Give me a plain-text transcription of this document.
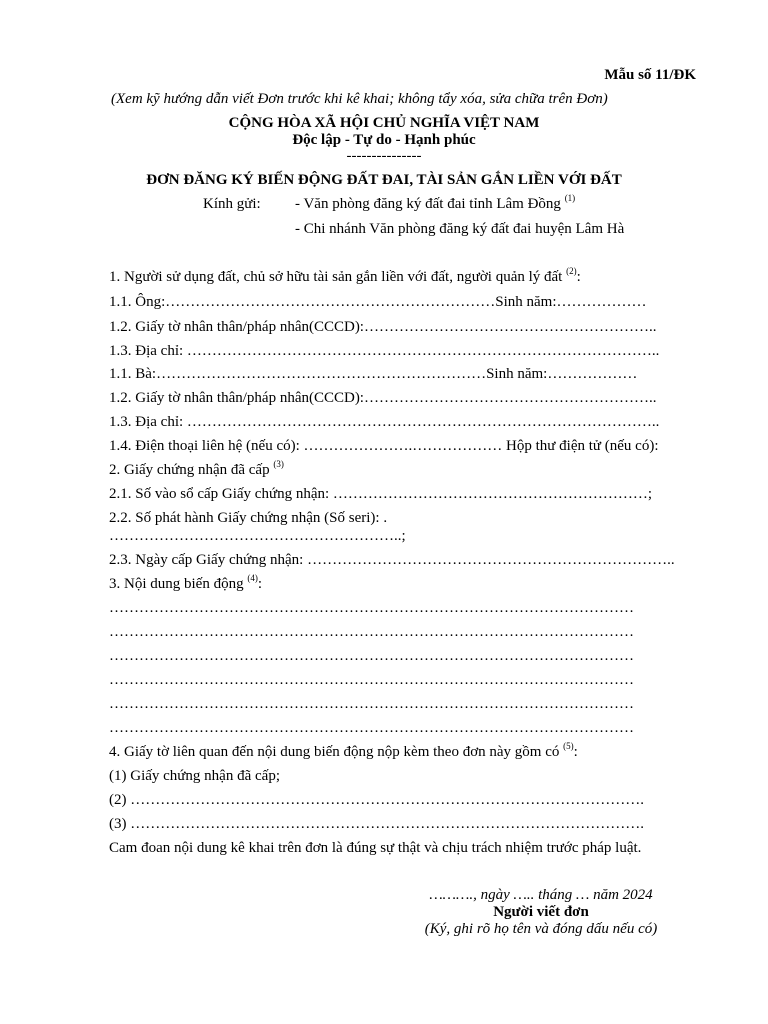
Mẫu số 11/ĐK
(Xem kỹ hướng dẫn viết Đơn trước khi kê khai; không tẩy xóa, sửa chữa trên Đơn)
CỘNG HÒA XÃ HỘI CHỦ NGHĨA VIỆT NAM
Độc lập - Tự do - Hạnh phúc
---------------
ĐƠN ĐĂNG KÝ BIẾN ĐỘNG ĐẤT ĐAI, TÀI SẢN GẮN LIỀN VỚI ĐẤT
Kính gửi: - Văn phòng đăng ký đất đai tỉnh Lâm Đồng $^{(1)}$
- Chi nhánh Văn phòng đăng ký đất đai huyện Lâm Hà
1. Người sử dụng đất, chủ sở hữu tài sản gắn liền với đất, người quản lý đất $^{(2)}$:
1.1. Ông:…………………………………………………………Sinh năm:………………
1.2. Giấy tờ nhân thân/pháp nhân(CCCD):…………………………………………………..
1.3. Địa chỉ: …………………………………………………………………………………..
1.1. Bà:…………………………………………………………Sinh năm:………………
1.2. Giấy tờ nhân thân/pháp nhân(CCCD):…………………………………………………..
1.3. Địa chỉ: …………………………………………………………………………………..
1.4. Điện thoại liên hệ (nếu có): ………………….……………… Hộp thư điện tử (nếu có):
2. Giấy chứng nhận đã cấp $^{(3)}$
2.1. Số vào sổ cấp Giấy chứng nhận: ………………………………………………………;
2.2. Số phát hành Giấy chứng nhận (Số seri): .
…………………………………………………..;
2.3. Ngày cấp Giấy chứng nhận: ………………………………………………………………..
3. Nội dung biến động $^{(4)}$:
……………………………………………………………………………………………
……………………………………………………………………………………………
……………………………………………………………………………………………
……………………………………………………………………………………………
……………………………………………………………………………………………
……………………………………………………………………………………………
4. Giấy tờ liên quan đến nội dung biến động nộp kèm theo đơn này gồm có $^{(5)}$:
(1) Giấy chứng nhận đã cấp;
(2) ………………………………………………………………………………………….
(3) ………………………………………………………………………………………….
Cam đoan nội dung kê khai trên đơn là đúng sự thật và chịu trách nhiệm trước pháp luật.
………., ngày ….. tháng … năm 2024
Người viết đơn
(Ký, ghi rõ họ tên và đóng dấu nếu có)
